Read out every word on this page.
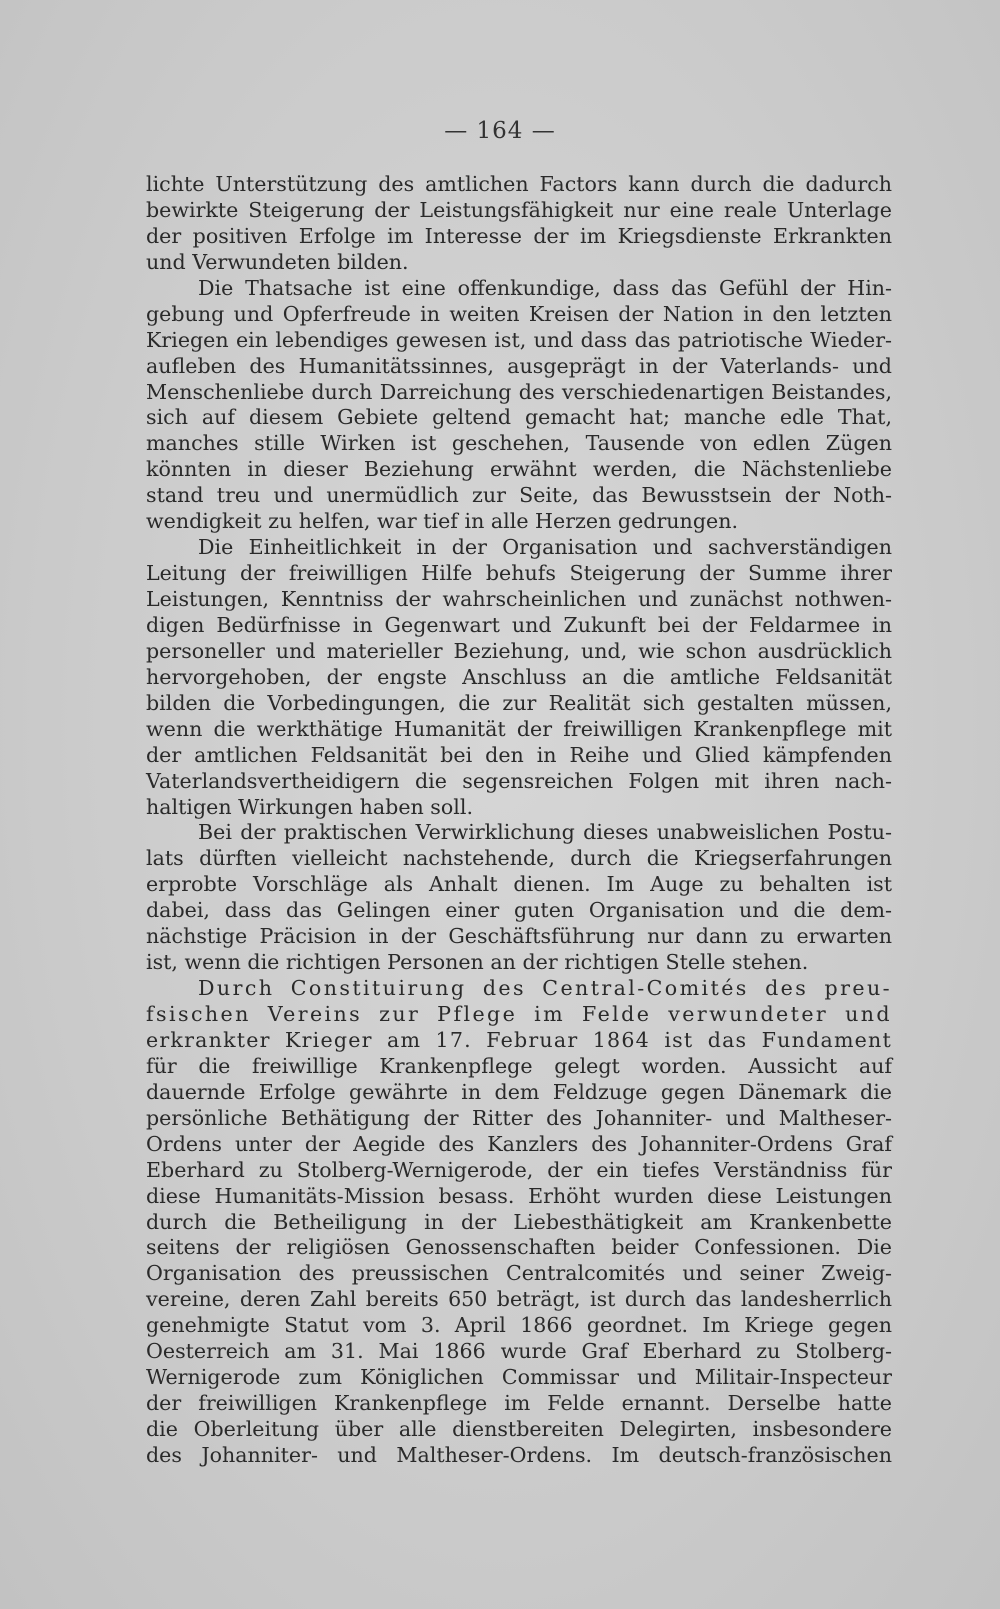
— 164 —
lichte Unterstützung des amtlichen Factors kann durch die dadurch
bewirkte Steigerung der Leistungsfähigkeit nur eine reale Unterlage
der positiven Erfolge im Interesse der im Kriegsdienste Erkrankten
und Verwundeten bilden.
Die Thatsache ist eine offenkundige, dass das Gefühl der Hin-
gebung und Opferfreude in weiten Kreisen der Nation in den letzten
Kriegen ein lebendiges gewesen ist, und dass das patriotische Wieder-
aufleben des Humanitätssinnes, ausgeprägt in der Vaterlands- und
Menschenliebe durch Darreichung des verschiedenartigen Beistandes,
sich auf diesem Gebiete geltend gemacht hat; manche edle That,
manches stille Wirken ist geschehen, Tausende von edlen Zügen
könnten in dieser Beziehung erwähnt werden, die Nächstenliebe
stand treu und unermüdlich zur Seite, das Bewusstsein der Noth-
wendigkeit zu helfen, war tief in alle Herzen gedrungen.
Die Einheitlichkeit in der Organisation und sachverständigen
Leitung der freiwilligen Hilfe behufs Steigerung der Summe ihrer
Leistungen, Kenntniss der wahrscheinlichen und zunächst nothwen-
digen Bedürfnisse in Gegenwart und Zukunft bei der Feldarmee in
personeller und materieller Beziehung, und, wie schon ausdrücklich
hervorgehoben, der engste Anschluss an die amtliche Feldsanität
bilden die Vorbedingungen, die zur Realität sich gestalten müssen,
wenn die werkthätige Humanität der freiwilligen Krankenpflege mit
der amtlichen Feldsanität bei den in Reihe und Glied kämpfenden
Vaterlandsvertheidigern die segensreichen Folgen mit ihren nach-
haltigen Wirkungen haben soll.
Bei der praktischen Verwirklichung dieses unabweislichen Postu-
lats dürften vielleicht nachstehende, durch die Kriegserfahrungen
erprobte Vorschläge als Anhalt dienen. Im Auge zu behalten ist
dabei, dass das Gelingen einer guten Organisation und die dem-
nächstige Präcision in der Geschäftsführung nur dann zu erwarten
ist, wenn die richtigen Personen an der richtigen Stelle stehen.
Durch Constituirung des Central-Comités des preu-
fsischen Vereins zur Pflege im Felde verwundeter und
erkrankter Krieger am 17. Februar 1864 ist das Fundament
für die freiwillige Krankenpflege gelegt worden. Aussicht auf
dauernde Erfolge gewährte in dem Feldzuge gegen Dänemark die
persönliche Bethätigung der Ritter des Johanniter- und Maltheser-
Ordens unter der Aegide des Kanzlers des Johanniter-Ordens Graf
Eberhard zu Stolberg-Wernigerode, der ein tiefes Verständniss für
diese Humanitäts-Mission besass. Erhöht wurden diese Leistungen
durch die Betheiligung in der Liebesthätigkeit am Krankenbette
seitens der religiösen Genossenschaften beider Confessionen. Die
Organisation des preussischen Centralcomités und seiner Zweig-
vereine, deren Zahl bereits 650 beträgt, ist durch das landesherrlich
genehmigte Statut vom 3. April 1866 geordnet. Im Kriege gegen
Oesterreich am 31. Mai 1866 wurde Graf Eberhard zu Stolberg-
Wernigerode zum Königlichen Commissar und Militair-Inspecteur
der freiwilligen Krankenpflege im Felde ernannt. Derselbe hatte
die Oberleitung über alle dienstbereiten Delegirten, insbesondere
des Johanniter- und Maltheser-Ordens. Im deutsch-französischen
